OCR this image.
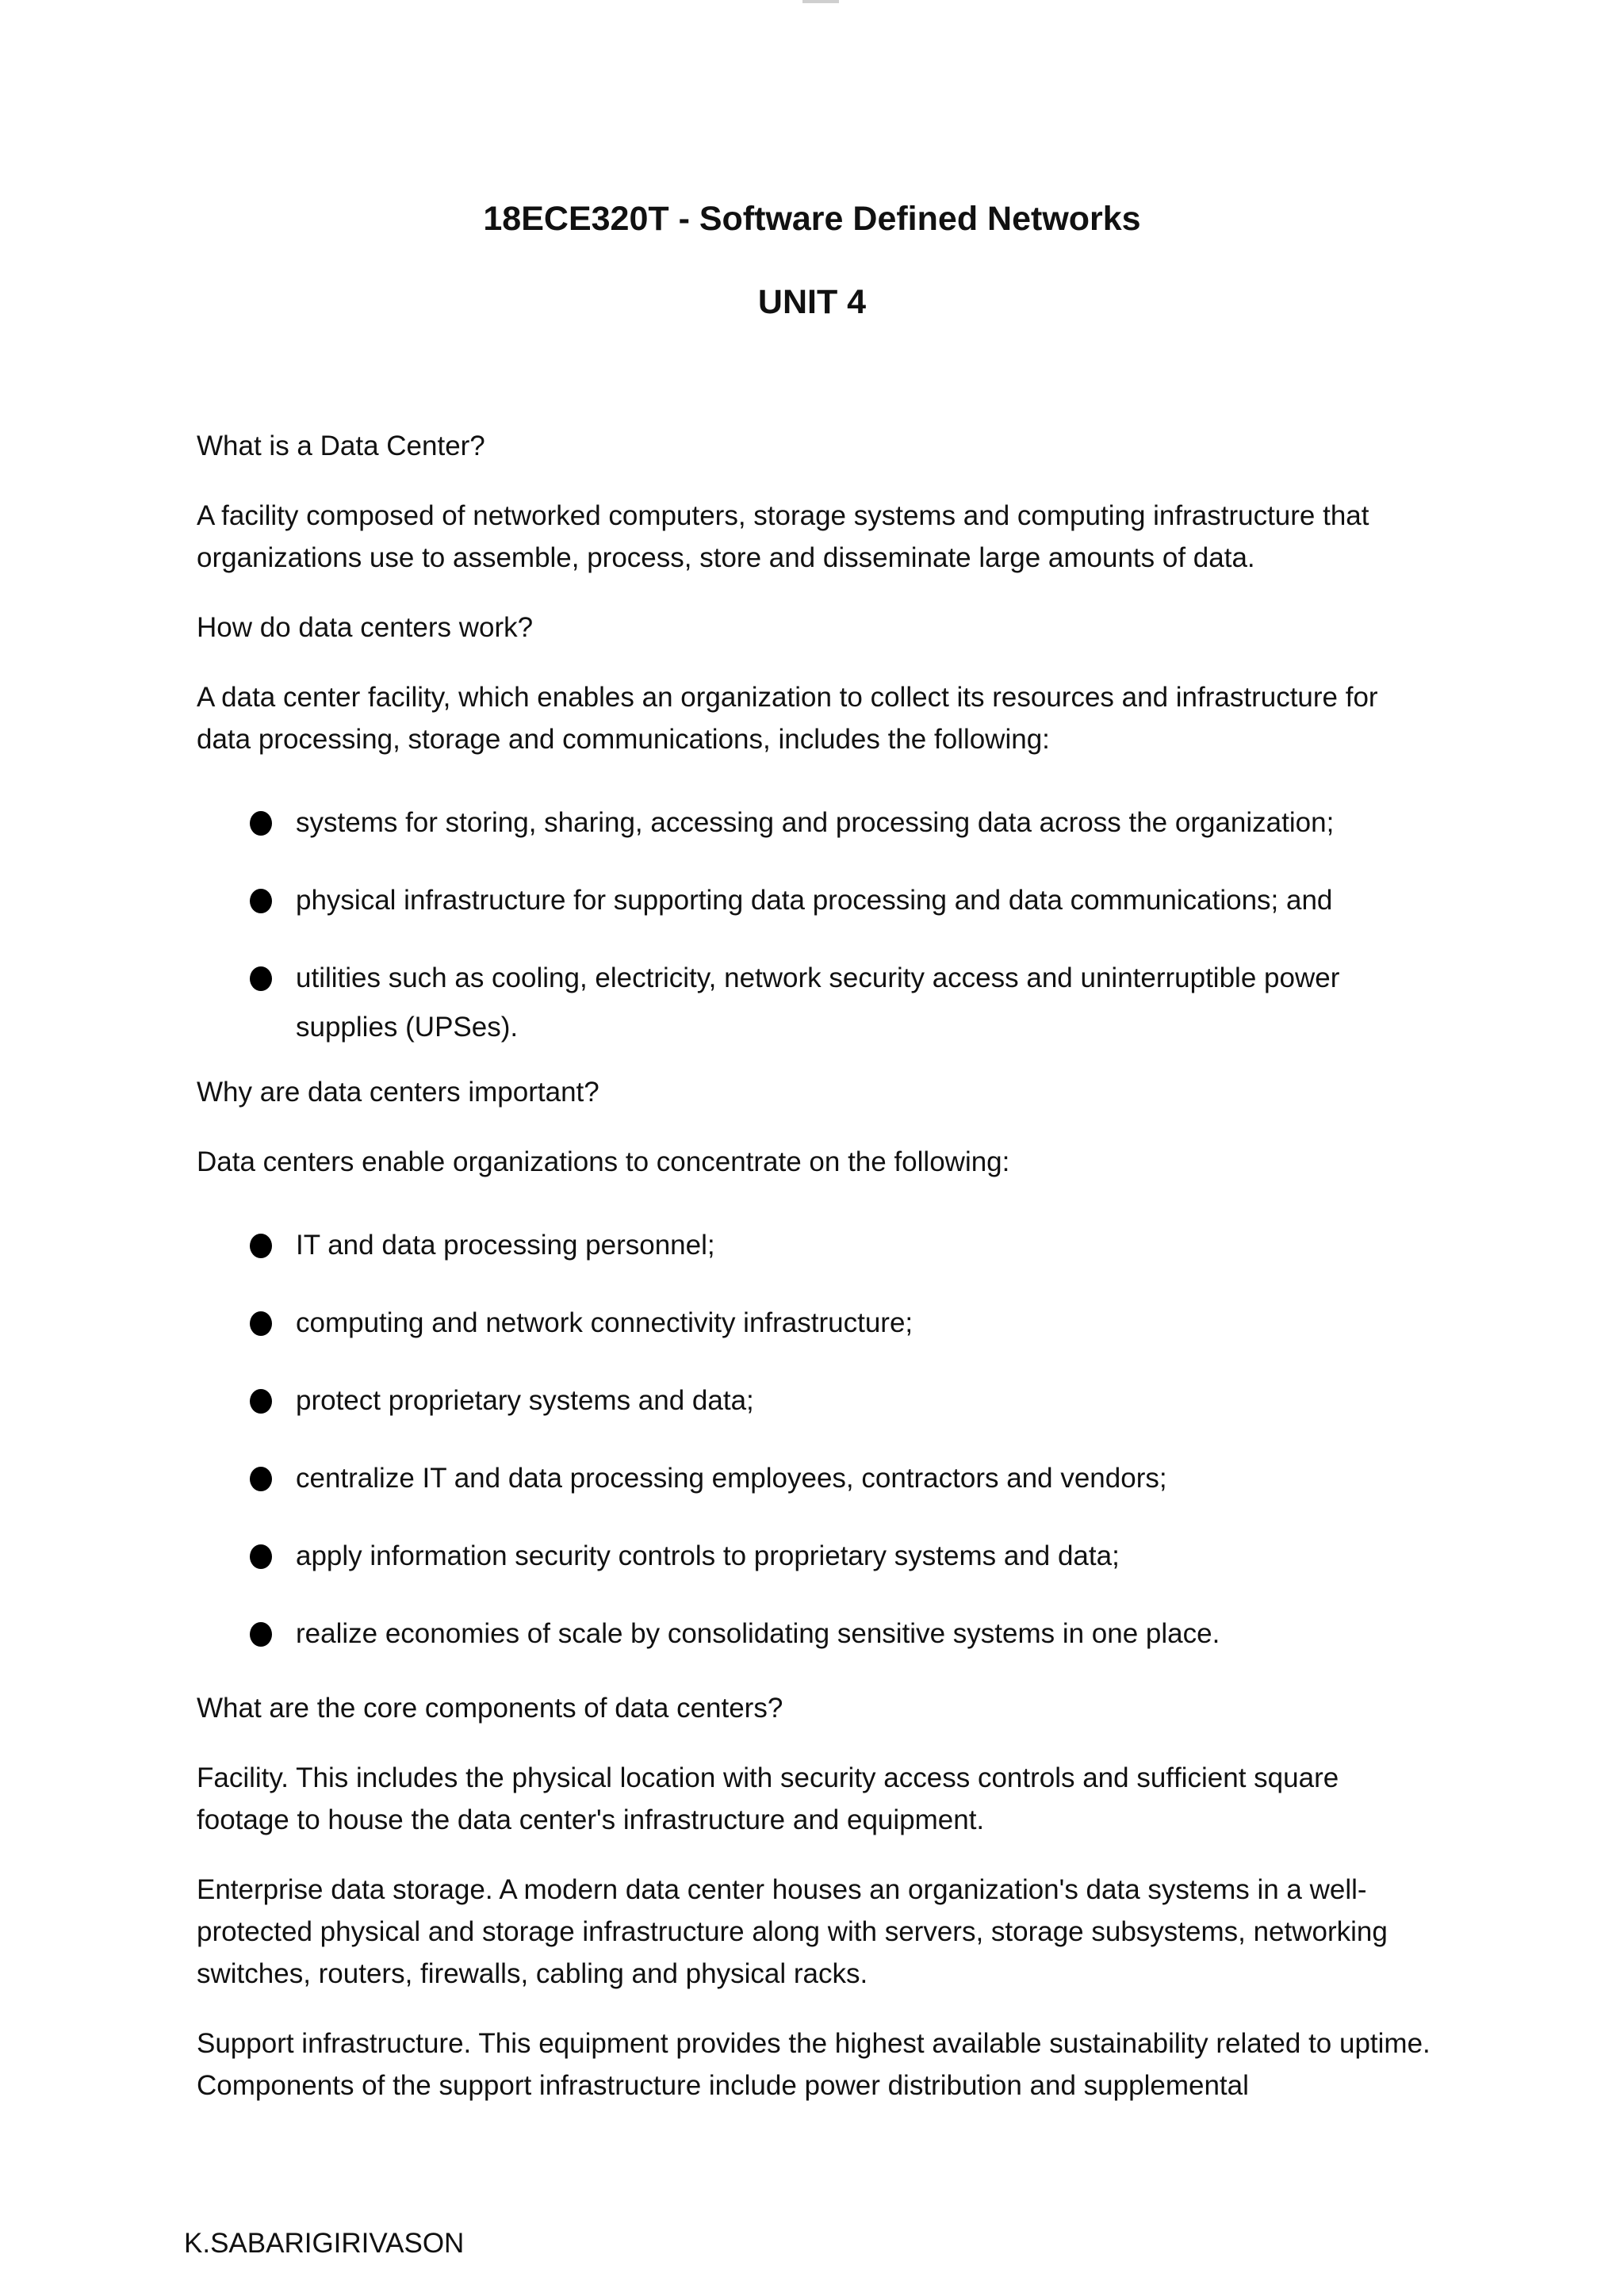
18ECE320T - Software Defined Networks
UNIT 4

What is a Data Center?

A facility composed of networked computers, storage systems and computing infrastructure that organizations use to assemble, process, store and disseminate large amounts of data.

How do data centers work?

A data center facility, which enables an organization to collect its resources and infrastructure for data processing, storage and communications, includes the following:

systems for storing, sharing, accessing and processing data across the organization;
physical infrastructure for supporting data processing and data communications; and
utilities such as cooling, electricity, network security access and uninterruptible power supplies (UPSes).

Why are data centers important?

Data centers enable organizations to concentrate on the following:

IT and data processing personnel;
computing and network connectivity infrastructure;
protect proprietary systems and data;
centralize IT and data processing employees, contractors and vendors;
apply information security controls to proprietary systems and data;
realize economies of scale by consolidating sensitive systems in one place.

What are the core components of data centers?

Facility. This includes the physical location with security access controls and sufﬁcient square footage to house the data center's infrastructure and equipment.

Enterprise data storage. A modern data center houses an organization's data systems in a well-protected physical and storage infrastructure along with servers, storage subsystems, networking switches, routers, firewalls, cabling and physical racks.

Support infrastructure. This equipment provides the highest available sustainability related to uptime. Components of the support infrastructure include power distribution and supplemental

K.SABARIGIRIVASON
